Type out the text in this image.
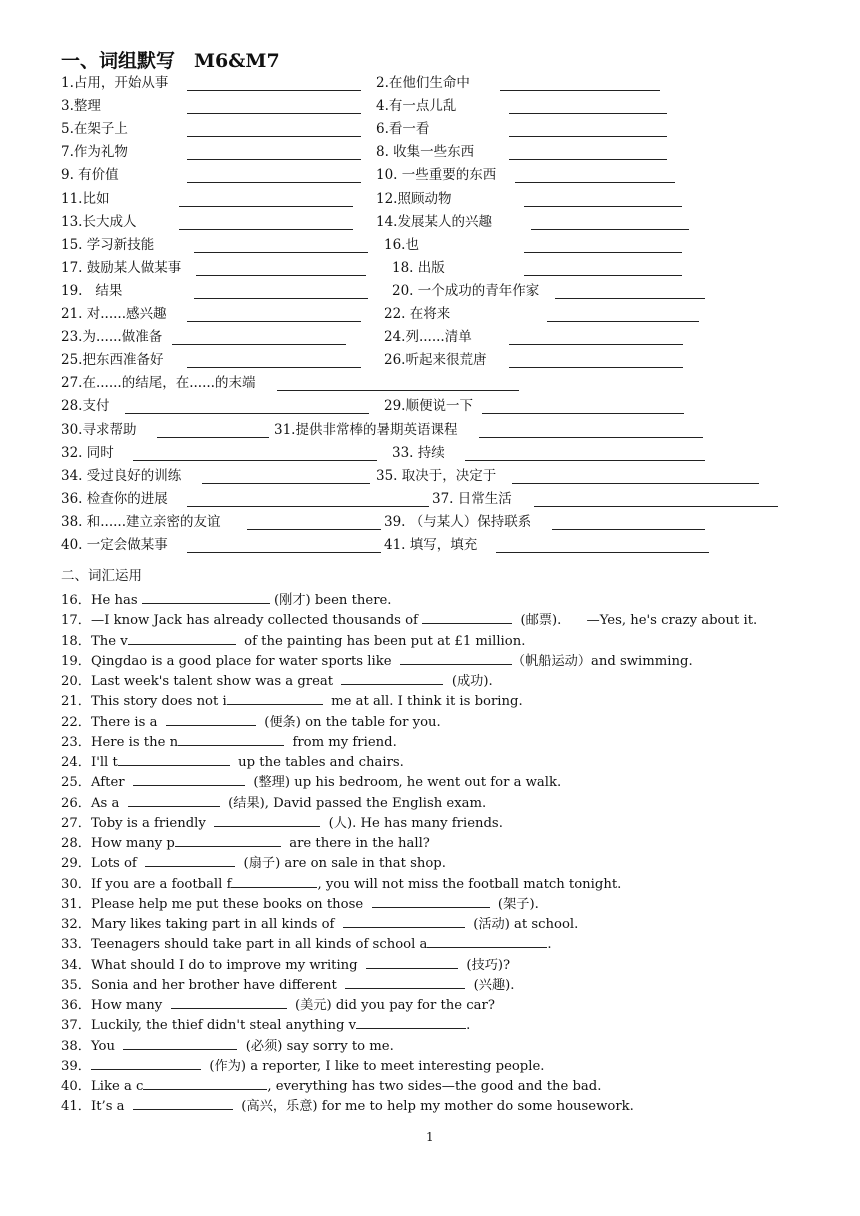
一、词组默写　M6&M7
1.占用，开始从事	2.在他们生命中
3.整理	4.有一点儿乱
5.在架子上	6.看一看
7.作为礼物	8. 收集一些东西
9. 有价值	10. 一些重要的东西
11.比如	12.照顾动物
13.长大成人	14.发展某人的兴趣
15. 学习新技能	16.也
17. 鼓励某人做某事	18. 出版
19.   结果	20. 一个成功的青年作家
21. 对......感兴趣	22. 在将来
23.为......做准备	24.列......清单
25.把东西准备好	26.听起来很荒唐
27.在......的结尾，在......的末端
28.支付	29.顺便说一下
30.寻求帮助	31.提供非常棒的暑期英语课程
32. 同时	33. 持续
34. 受过良好的训练	35. 取决于，决定于
36. 检查你的进展	37. 日常生活
38. 和......建立亲密的友谊	39. （与某人）保持联系
40. 一定会做某事	41. 填写，填充
二、词汇运用
16．He has	(刚才) been there.
17．—I know Jack has already collected thousands of	(邮票).      —Yes, he's crazy about it.
18．The v	of the painting has been put at £1 million.
19．Qingdao is a good place for water sports like	（帆船运动）and swimming.
20．Last week's talent show was a great	(成功).
21．This story does not i	me at all. I think it is boring.
22．There is a	(便条) on the table for you.
23．Here is the n	from my friend.
24．I'll t	up the tables and chairs.
25．After	(整理) up his bedroom, he went out for a walk.
26．As a	(结果), David passed the English exam.
27．Toby is a friendly	(人). He has many friends.
28．How many p	are there in the hall?
29．Lots of	(扇子) are on sale in that shop.
30．If you are a football f	, you will not miss the football match tonight.
31．Please help me put these books on those	(架子).
32．Mary likes taking part in all kinds of	(活动) at school.
33．Teenagers should take part in all kinds of school a	.
34．What should I do to improve my writing	(技巧)?
35．Sonia and her brother have different	(兴趣).
36．How many	(美元) did you pay for the car?
37．Luckily, the thief didn't steal anything v	.
38．You	(必须) say sorry to me.
39．	(作为) a reporter, I like to meet interesting people.
40．Like a c	, everything has two sides—the good and the bad.
41．It’s a	(高兴，乐意) for me to help my mother do some housework.
1
